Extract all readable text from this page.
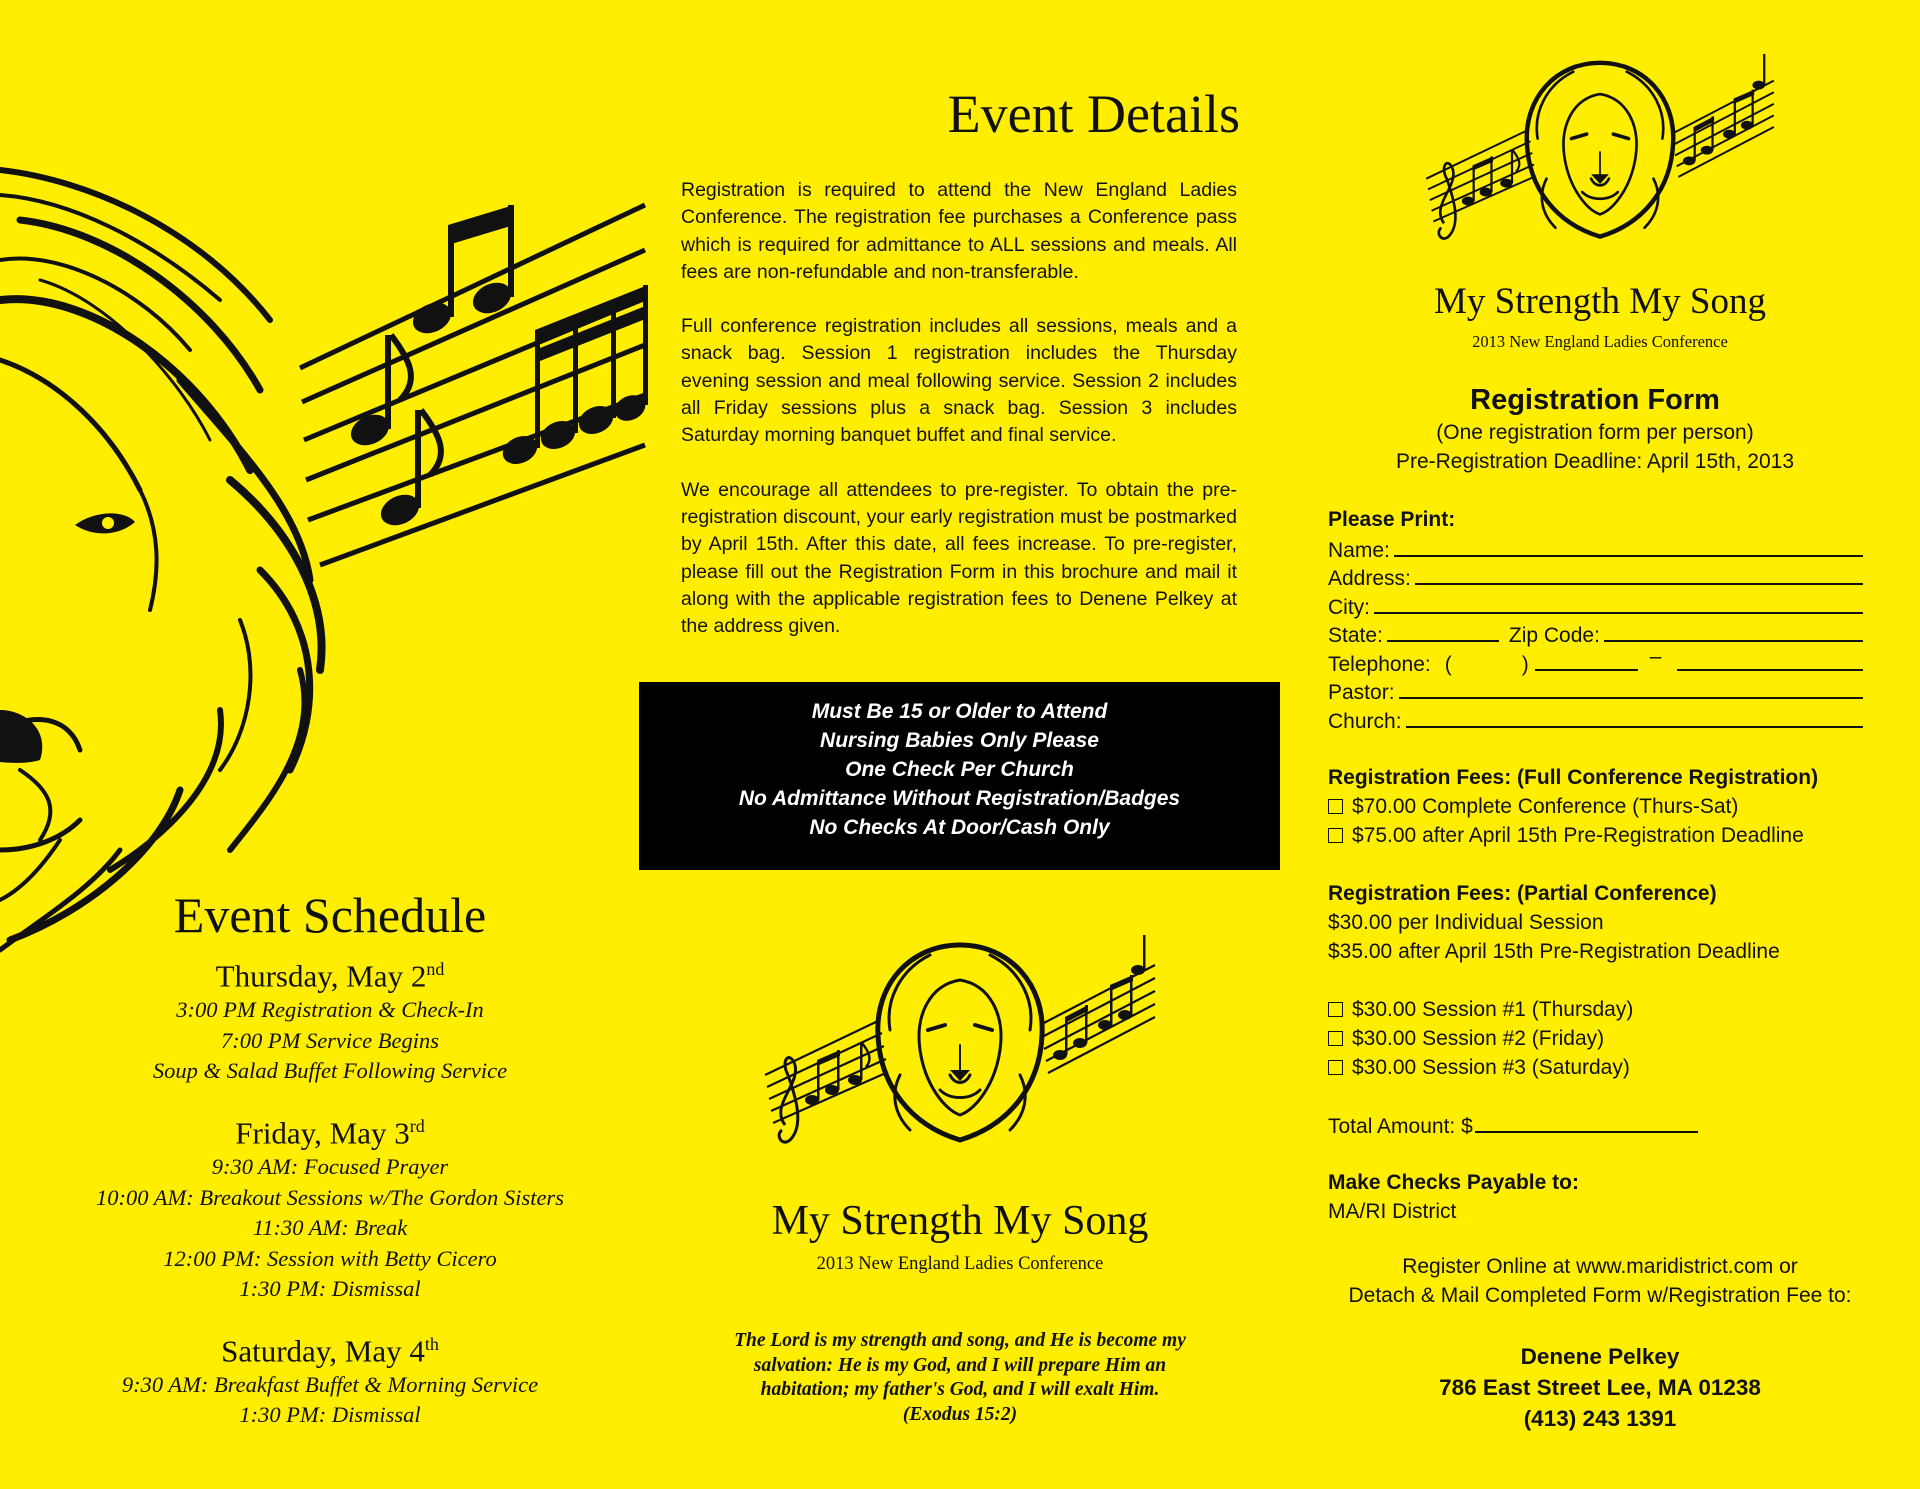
Event Schedule

Thursday, May 2nd

3:00 PM Registration & Check-In

7:00 PM Service Begins

Soup & Salad Buffet Following Service

Friday, May 3rd

9:30 AM: Focused Prayer

10:00 AM: Breakout Sessions w/The Gordon Sisters

11:30 AM: Break

12:00 PM: Session with Betty Cicero

1:30 PM: Dismissal

Saturday, May 4th

9:30 AM: Breakfast Buffet & Morning Service

1:30 PM: Dismissal

Event Details

Registration is required to attend the New England Ladies Conference. The registration fee purchases a Conference pass which is required for admittance to ALL sessions and meals. All fees are non-refundable and non-transferable.

Full conference registration includes all sessions, meals and a snack bag. Session 1 registration includes the Thursday evening session and meal following service. Session 2 includes all Friday sessions plus a snack bag. Session 3 includes Saturday morning banquet buffet and final service.

We encourage all attendees to pre-register. To obtain the pre-registration discount, your early registration must be postmarked by April 15th. After this date, all fees increase. To pre-register, please fill out the Registration Form in this brochure and mail it along with the applicable registration fees to Denene Pelkey at the address given.

Must Be 15 or Older to Attend
Nursing Babies Only Please
One Check Per Church
No Admittance Without Registration/Badges
No Checks At Door/Cash Only
My Strength My Song
2013 New England Ladies Conference
The Lord is my strength and song, and He is become my
salvation: He is my God, and I will prepare Him an
habitation; my father's God, and I will exalt Him.
(Exodus 15:2)
My Strength My Song
2013 New England Ladies Conference
Registration Form
(One registration form per person)
Pre-Registration Deadline: April 15th, 2013
Please Print:
Name:
Address:
City:
State:	Zip Code:
Telephone: (	)	–
Pastor:
Church:
Registration Fees: (Full Conference Registration)
$70.00 Complete Conference (Thurs-Sat)
$75.00 after April 15th Pre-Registration Deadline
Registration Fees: (Partial Conference)
$30.00 per Individual Session
$35.00 after April 15th Pre-Registration Deadline
$30.00 Session #1 (Thursday)
$30.00 Session #2 (Friday)
$30.00 Session #3 (Saturday)
Total Amount: $
Make Checks Payable to:
MA/RI District
Register Online at www.maridistrict.com or
Detach & Mail Completed Form w/Registration Fee to:
Denene Pelkey
786 East Street Lee, MA 01238
(413) 243 1391
